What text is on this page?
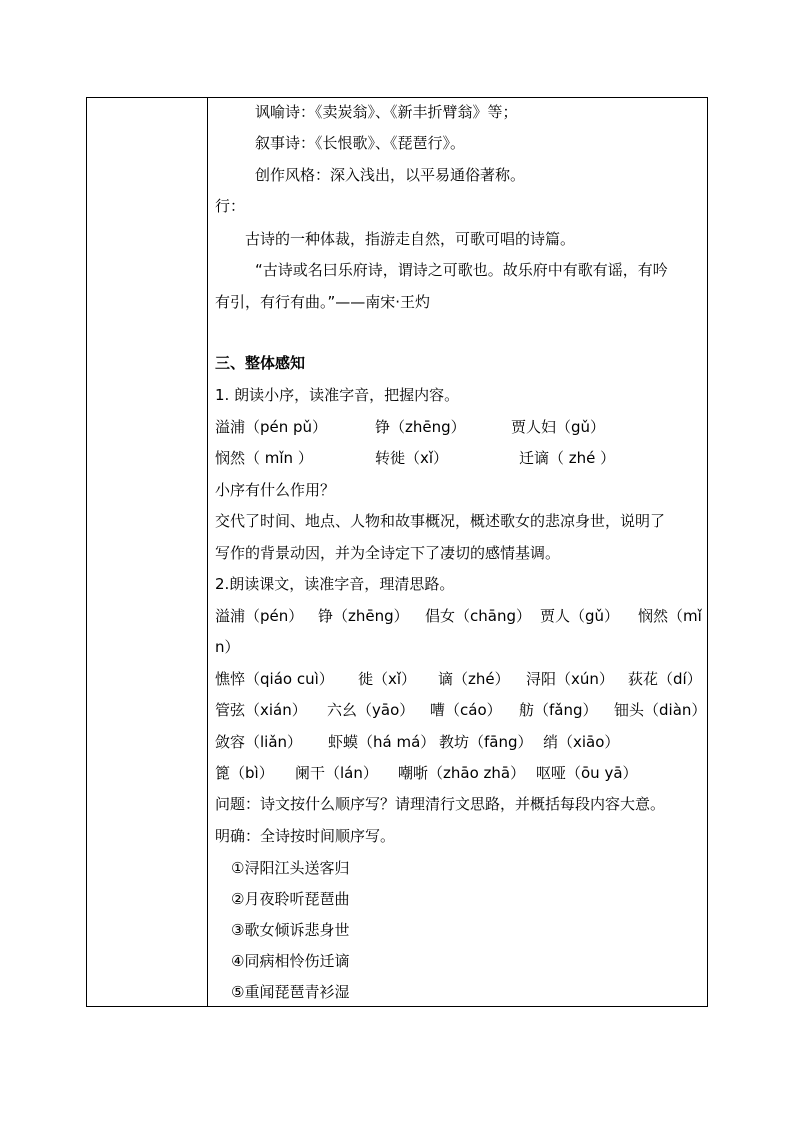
讽喻诗：《卖炭翁》、《新丰折臂翁》等；
叙事诗：《长恨歌》、《琵琶行》。
创作风格：深入浅出，以平易通俗著称。
行：
古诗的一种体裁，指游走自然，可歌可唱的诗篇。
“古诗或名曰乐府诗，谓诗之可歌也。故乐府中有歌有谣，有吟
有引，有行有曲。”——南宋·王灼
三、整体感知
1. 朗读小序，读准字音，把握内容。
溢浦（pén pǔ）	铮（zhēng）	贾人妇（gǔ）
悯然（ mǐn ）	转徙（xǐ）	迁谪（ zhé ）
小序有什么作用？
交代了时间、地点、人物和故事概况，概述歌女的悲凉身世，说明了
写作的背景动因，并为全诗定下了凄切的感情基调。
2.朗读课文，读准字音，理清思路。
溢浦（pén） 铮（zhēng） 倡女（chāng） 贾人（gǔ） 悯然（mǐ
n）
憔悴（qiáo cuì） 徙（xǐ） 谪（zhé） 浔阳（xún） 荻花（dí）
管弦（xián） 六幺（yāo） 嘈（cáo） 舫（fǎng） 钿头（diàn）
敛容（liǎn） 虾蟆（há má） 教坊（fāng） 绡（xiāo）
篦（bì） 阑干（lán） 嘲哳（zhāo zhā） 呕哑（ōu yā）
问题：诗文按什么顺序写？请理清行文思路，并概括每段内容大意。
明确：全诗按时间顺序写。
①浔阳江头送客归
②月夜聆听琵琶曲
③歌女倾诉悲身世
④同病相怜伤迁谪
⑤重闻琵琶青衫湿
